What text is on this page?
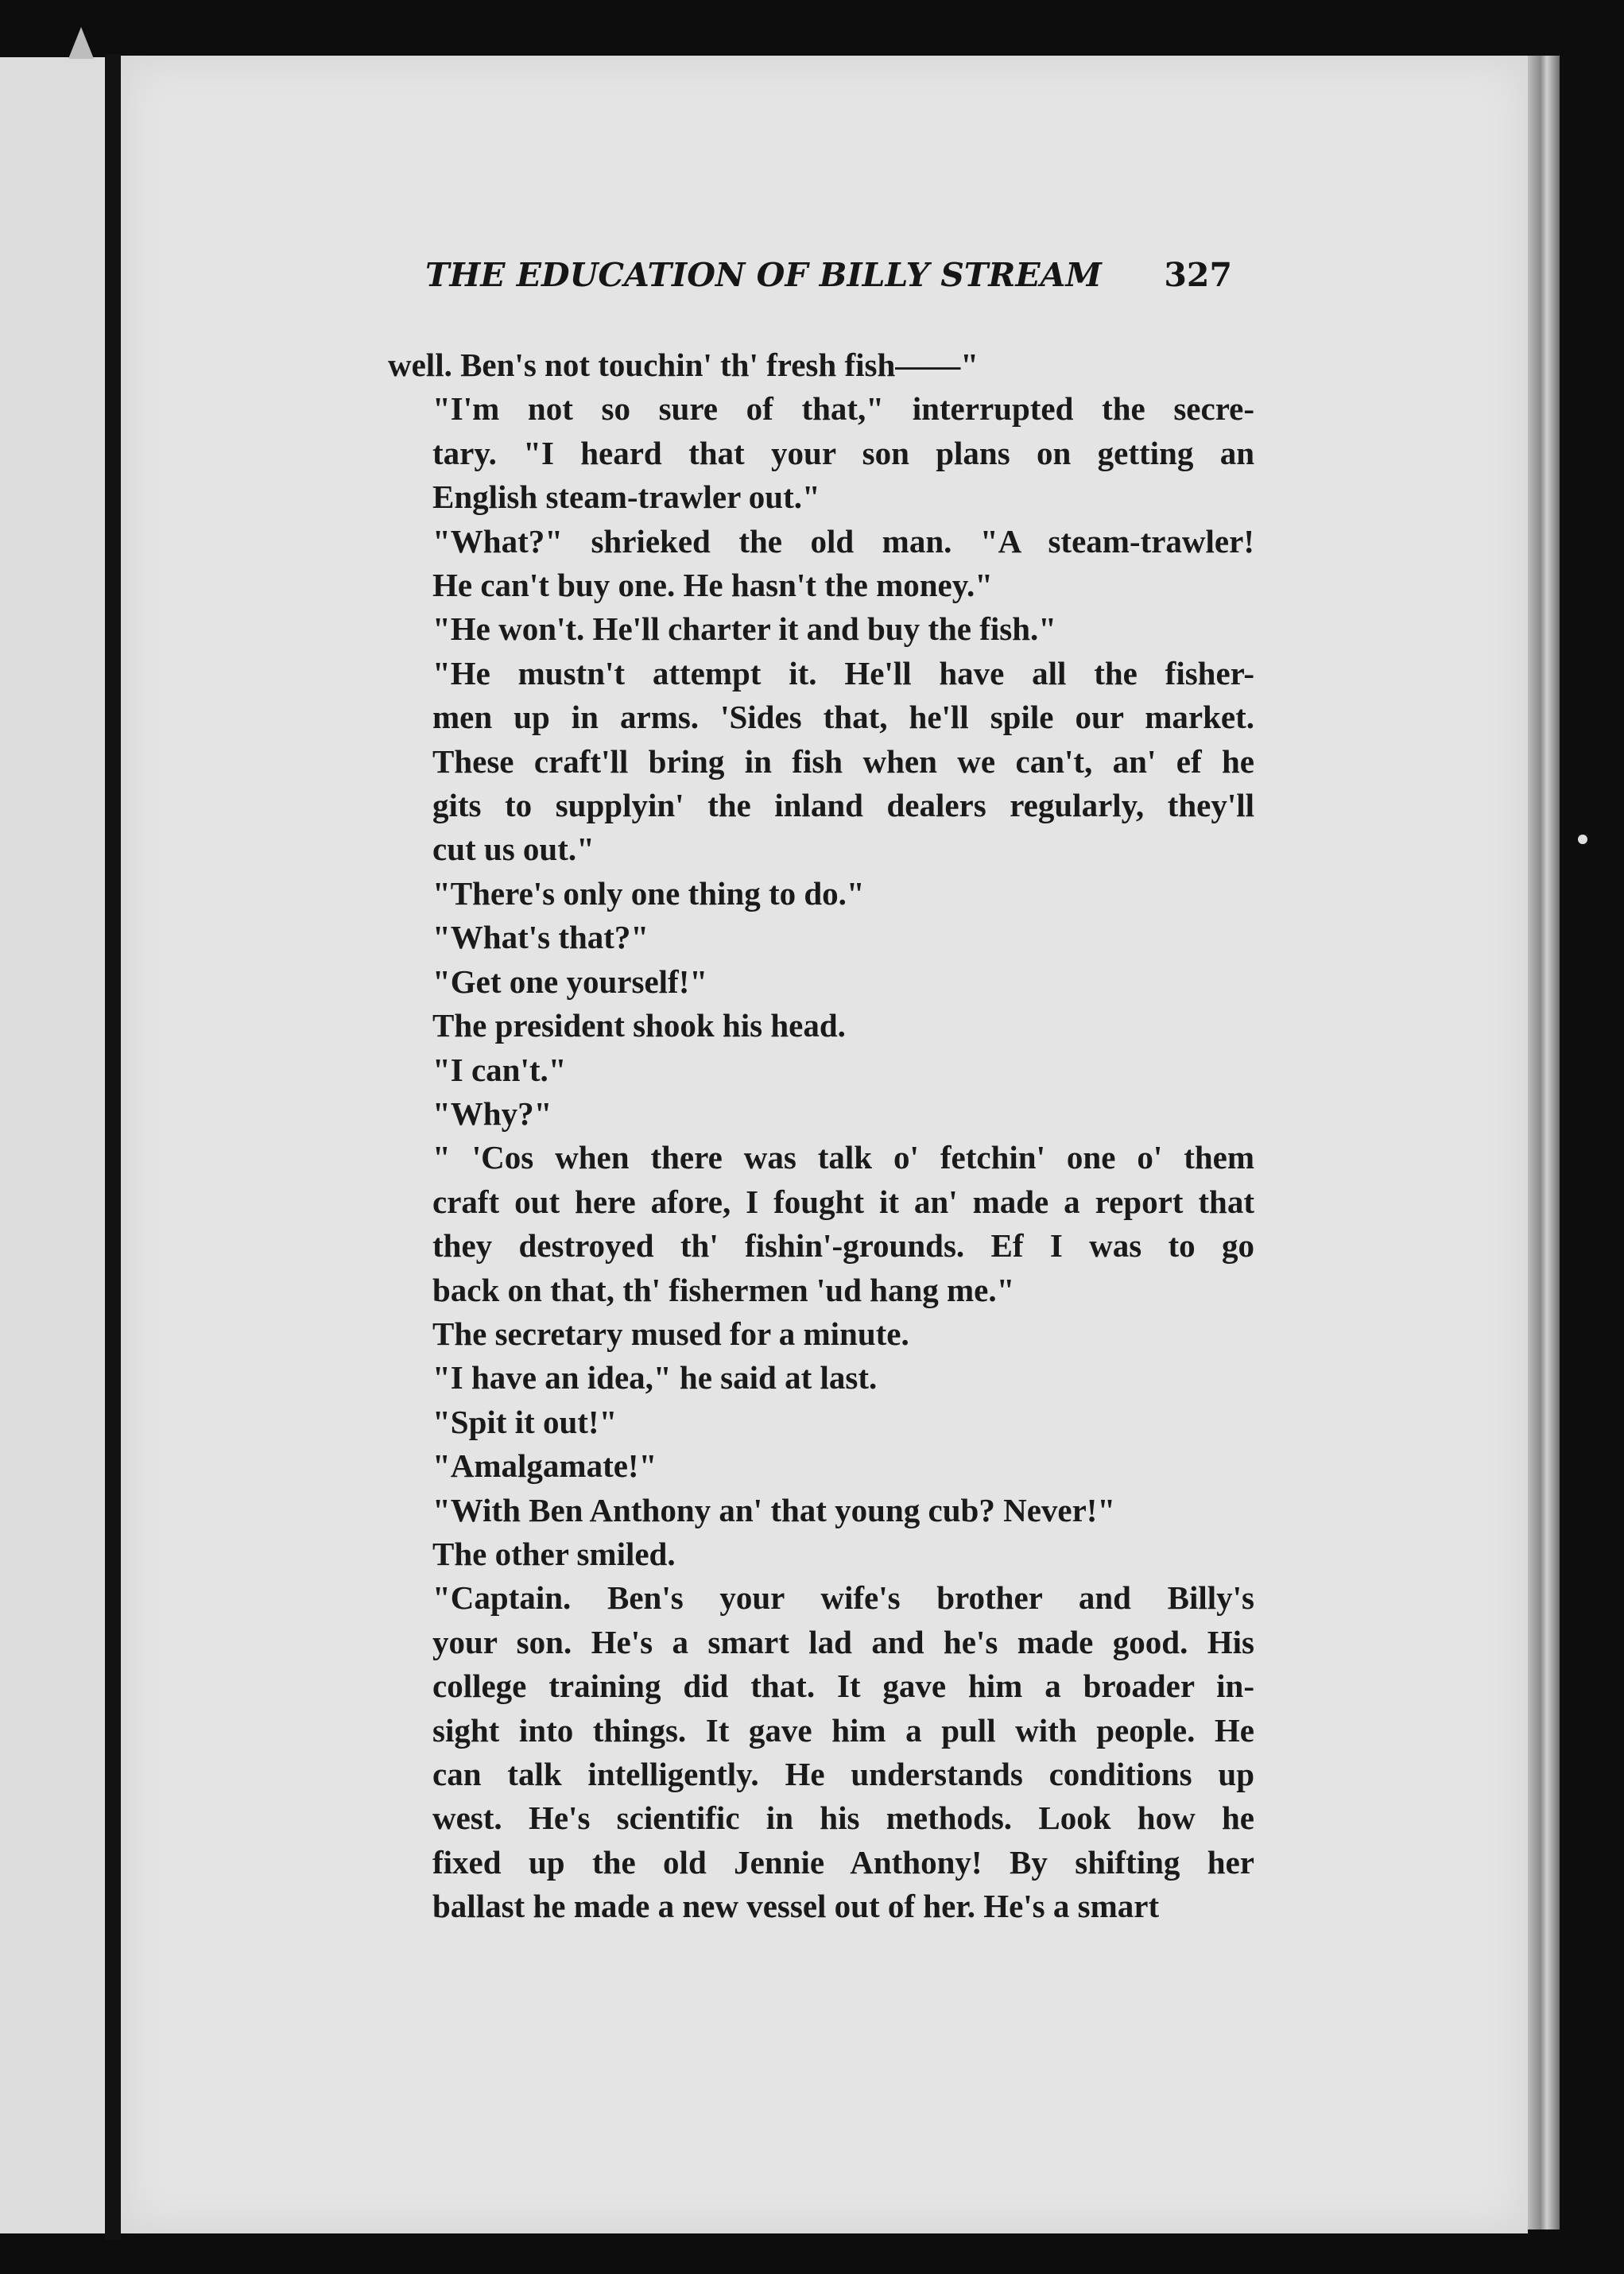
THE EDUCATION OF BILLY STREAM 327

well. Ben's not touchin' th' fresh fish——"

"I'm not so sure of that," interrupted the secre-
tary. "I heard that your son plans on getting an
English steam-trawler out."

"What?" shrieked the old man. "A steam-trawler!
He can't buy one. He hasn't the money."

"He won't. He'll charter it and buy the fish."

"He mustn't attempt it. He'll have all the fisher-
men up in arms. 'Sides that, he'll spile our market.
These craft'll bring in fish when we can't, an' ef he
gits to supplyin' the inland dealers regularly, they'll
cut us out."

"There's only one thing to do."

"What's that?"

"Get one yourself!"

The president shook his head.

"I can't."

"Why?"

" 'Cos when there was talk o' fetchin' one o' them
craft out here afore, I fought it an' made a report that
they destroyed th' fishin'-grounds. Ef I was to go
back on that, th' fishermen 'ud hang me."

The secretary mused for a minute.

"I have an idea," he said at last.

"Spit it out!"

"Amalgamate!"

"With Ben Anthony an' that young cub? Never!"

The other smiled.

"Captain. Ben's your wife's brother and Billy's
your son. He's a smart lad and he's made good. His
college training did that. It gave him a broader in-
sight into things. It gave him a pull with people. He
can talk intelligently. He understands conditions up
west. He's scientific in his methods. Look how he
fixed up the old Jennie Anthony! By shifting her
ballast he made a new vessel out of her. He's a smart
